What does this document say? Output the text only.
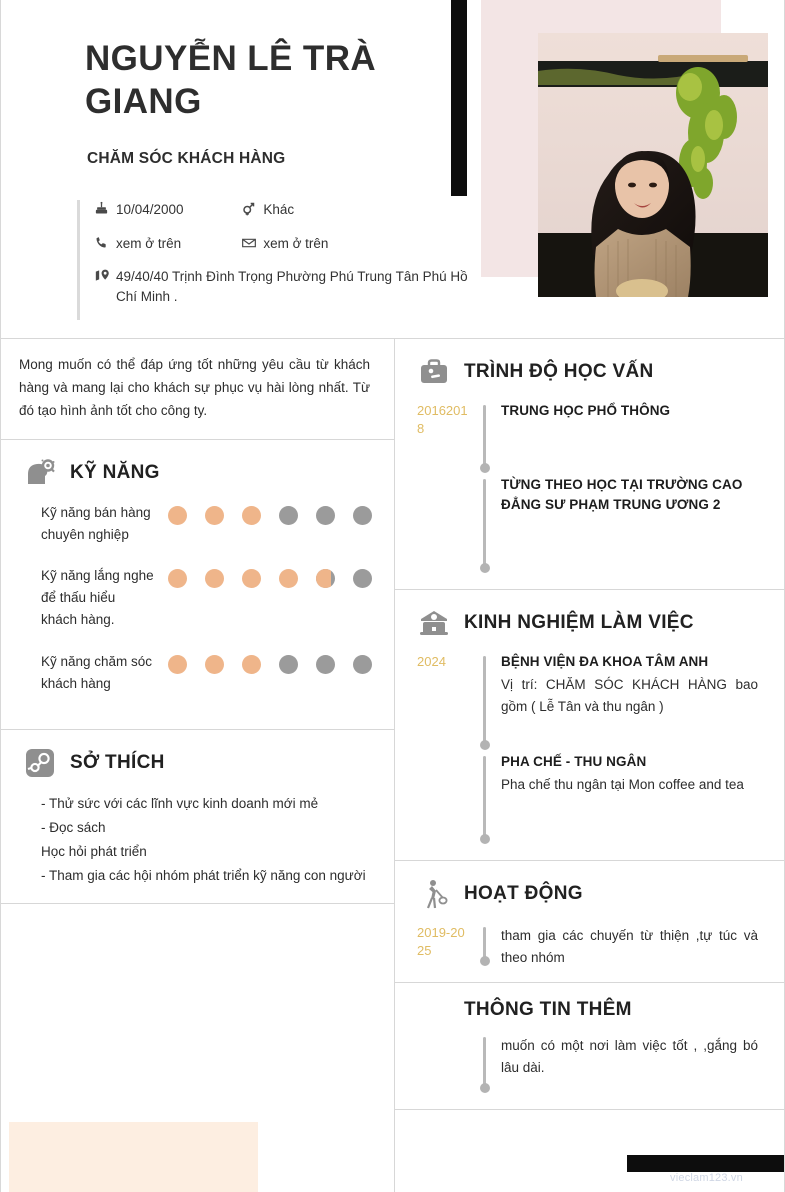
NGUYỄN LÊ TRÀ GIANG
CHĂM SÓC KHÁCH HÀNG
10/04/2000	Khác
xem ở trên	xem ở trên
49/40/40 Trịnh Đình Trọng Phường Phú Trung Tân Phú Hồ Chí Minh .
Mong muốn có thể đáp ứng tốt những yêu cầu từ khách hàng và mang lại cho khách sự phục vụ hài lòng nhất. Từ đó tạo hình ảnh tốt cho công ty.
KỸ NĂNG
Kỹ năng bán hàng chuyên nghiệp
Kỹ năng lắng nghe để thấu hiểu khách hàng.
Kỹ năng chăm sóc khách hàng
SỞ THÍCH
- Thử sức với các lĩnh vực kinh doanh mới mẻ
- Đọc sách
Học hỏi phát triển
- Tham gia các hội nhóm phát triển kỹ năng con người
TRÌNH ĐỘ HỌC VẤN
20162018
TRUNG HỌC PHỔ THÔNG
TỪNG THEO HỌC TẠI TRƯỜNG CAO ĐẲNG SƯ PHẠM TRUNG ƯƠNG 2
KINH NGHIỆM LÀM VIỆC
2024	BỆNH VIỆN ĐA KHOA TÂM ANH
Vị trí: CHĂM SÓC KHÁCH HÀNG bao gồm ( Lễ Tân và thu ngân )
PHA CHẾ - THU NGÂN
Pha chế thu ngân tại Mon coffee and tea
HOẠT ĐỘNG
2019-2025
tham gia các chuyến từ thiện ,tự túc và theo nhóm
THÔNG TIN THÊM
muốn có một nơi làm việc tốt , ,gắng bó lâu dài.
vieclam123.vn
